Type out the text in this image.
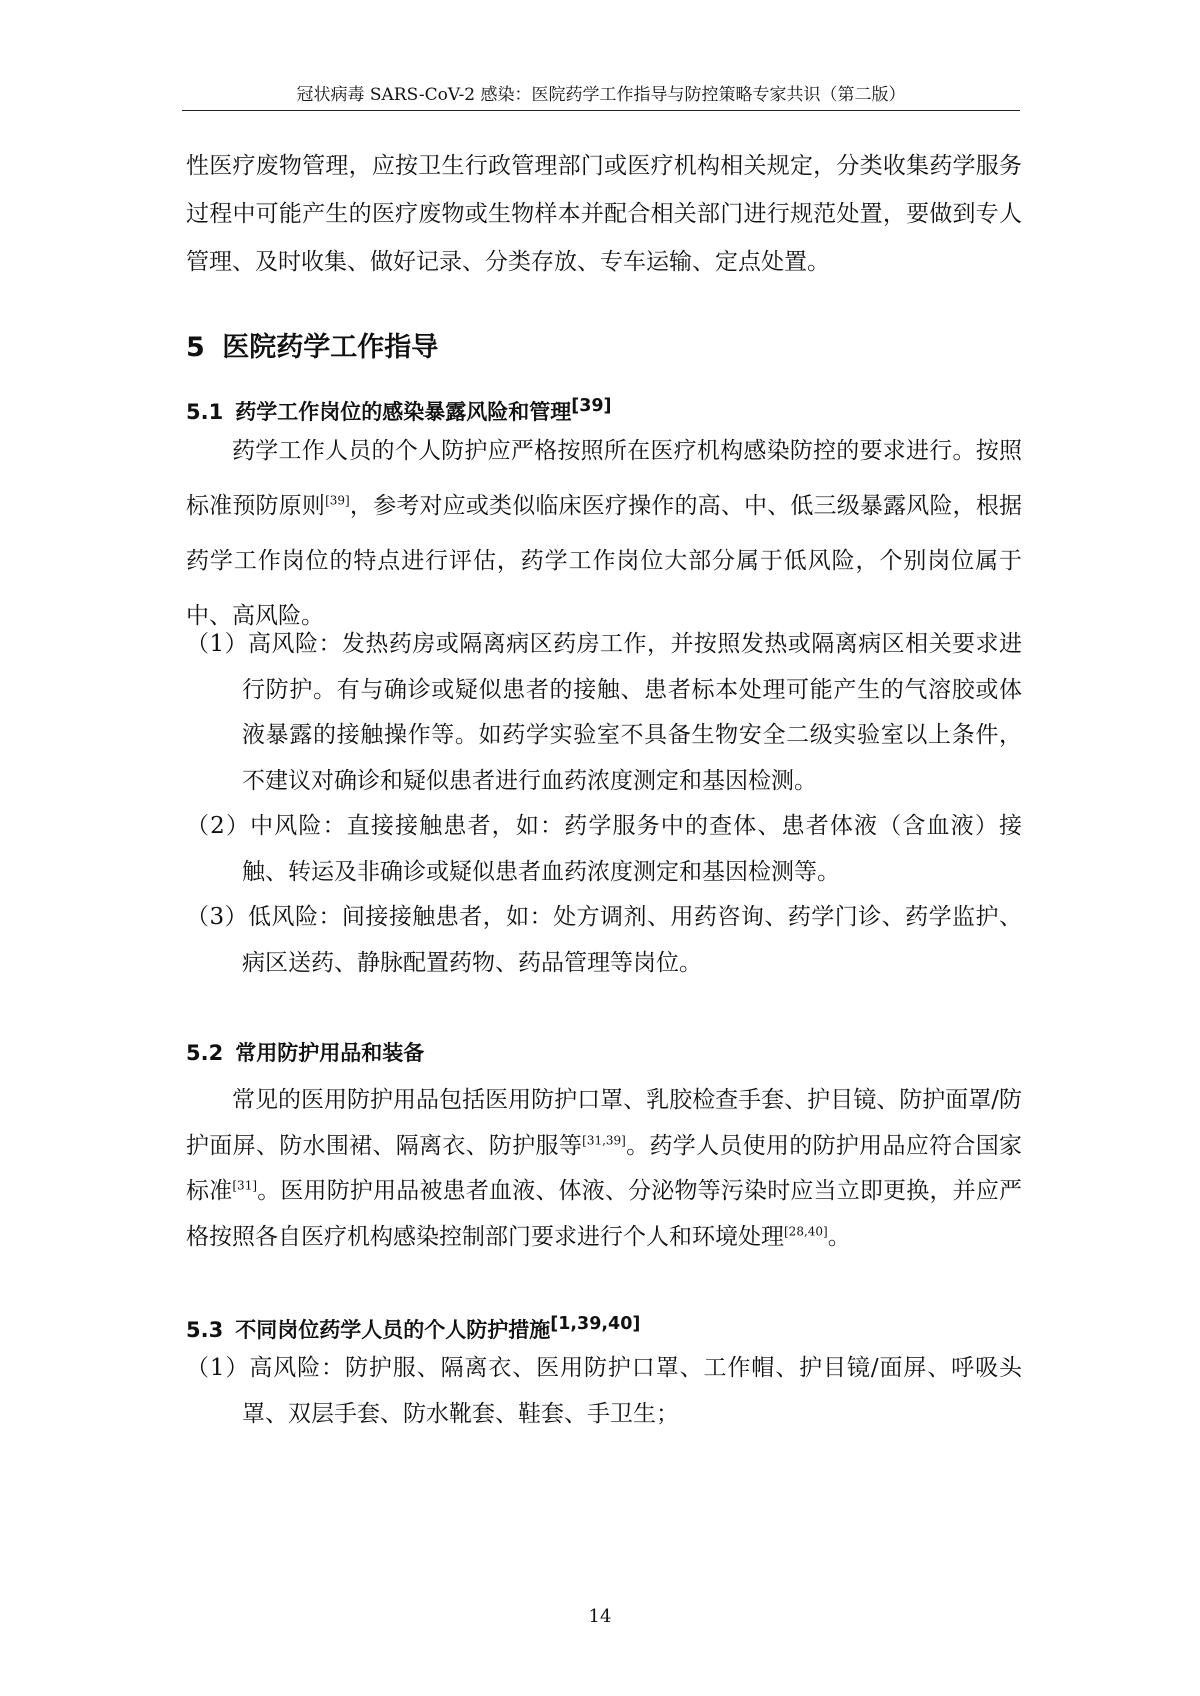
冠状病毒 SARS-CoV-2 感染：医院药学工作指导与防控策略专家共识（第二版）
性医疗废物管理，应按卫生行政管理部门或医疗机构相关规定，分类收集药学服务过程中可能产生的医疗废物或生物样本并配合相关部门进行规范处置，要做到专人管理、及时收集、做好记录、分类存放、专车运输、定点处置。
5 医院药学工作指导
5.1 药学工作岗位的感染暴露风险和管理[39]
药学工作人员的个人防护应严格按照所在医疗机构感染防控的要求进行。按照标准预防原则[39]，参考对应或类似临床医疗操作的高、中、低三级暴露风险，根据药学工作岗位的特点进行评估，药学工作岗位大部分属于低风险，个别岗位属于中、高风险。
（1）高风险：发热药房或隔离病区药房工作，并按照发热或隔离病区相关要求进行防护。有与确诊或疑似患者的接触、患者标本处理可能产生的气溶胶或体液暴露的接触操作等。如药学实验室不具备生物安全二级实验室以上条件，不建议对确诊和疑似患者进行血药浓度测定和基因检测。
（2）中风险：直接接触患者，如：药学服务中的查体、患者体液（含血液）接触、转运及非确诊或疑似患者血药浓度测定和基因检测等。
（3）低风险：间接接触患者，如：处方调剂、用药咨询、药学门诊、药学监护、病区送药、静脉配置药物、药品管理等岗位。
5.2 常用防护用品和装备
常见的医用防护用品包括医用防护口罩、乳胶检查手套、护目镜、防护面罩/防护面屏、防水围裙、隔离衣、防护服等[31,39]。药学人员使用的防护用品应符合国家标准[31]。医用防护用品被患者血液、体液、分泌物等污染时应当立即更换，并应严格按照各自医疗机构感染控制部门要求进行个人和环境处理[28,40]。
5.3 不同岗位药学人员的个人防护措施[1,39,40]
（1）高风险：防护服、隔离衣、医用防护口罩、工作帽、护目镜/面屏、呼吸头罩、双层手套、防水靴套、鞋套、手卫生；
14
